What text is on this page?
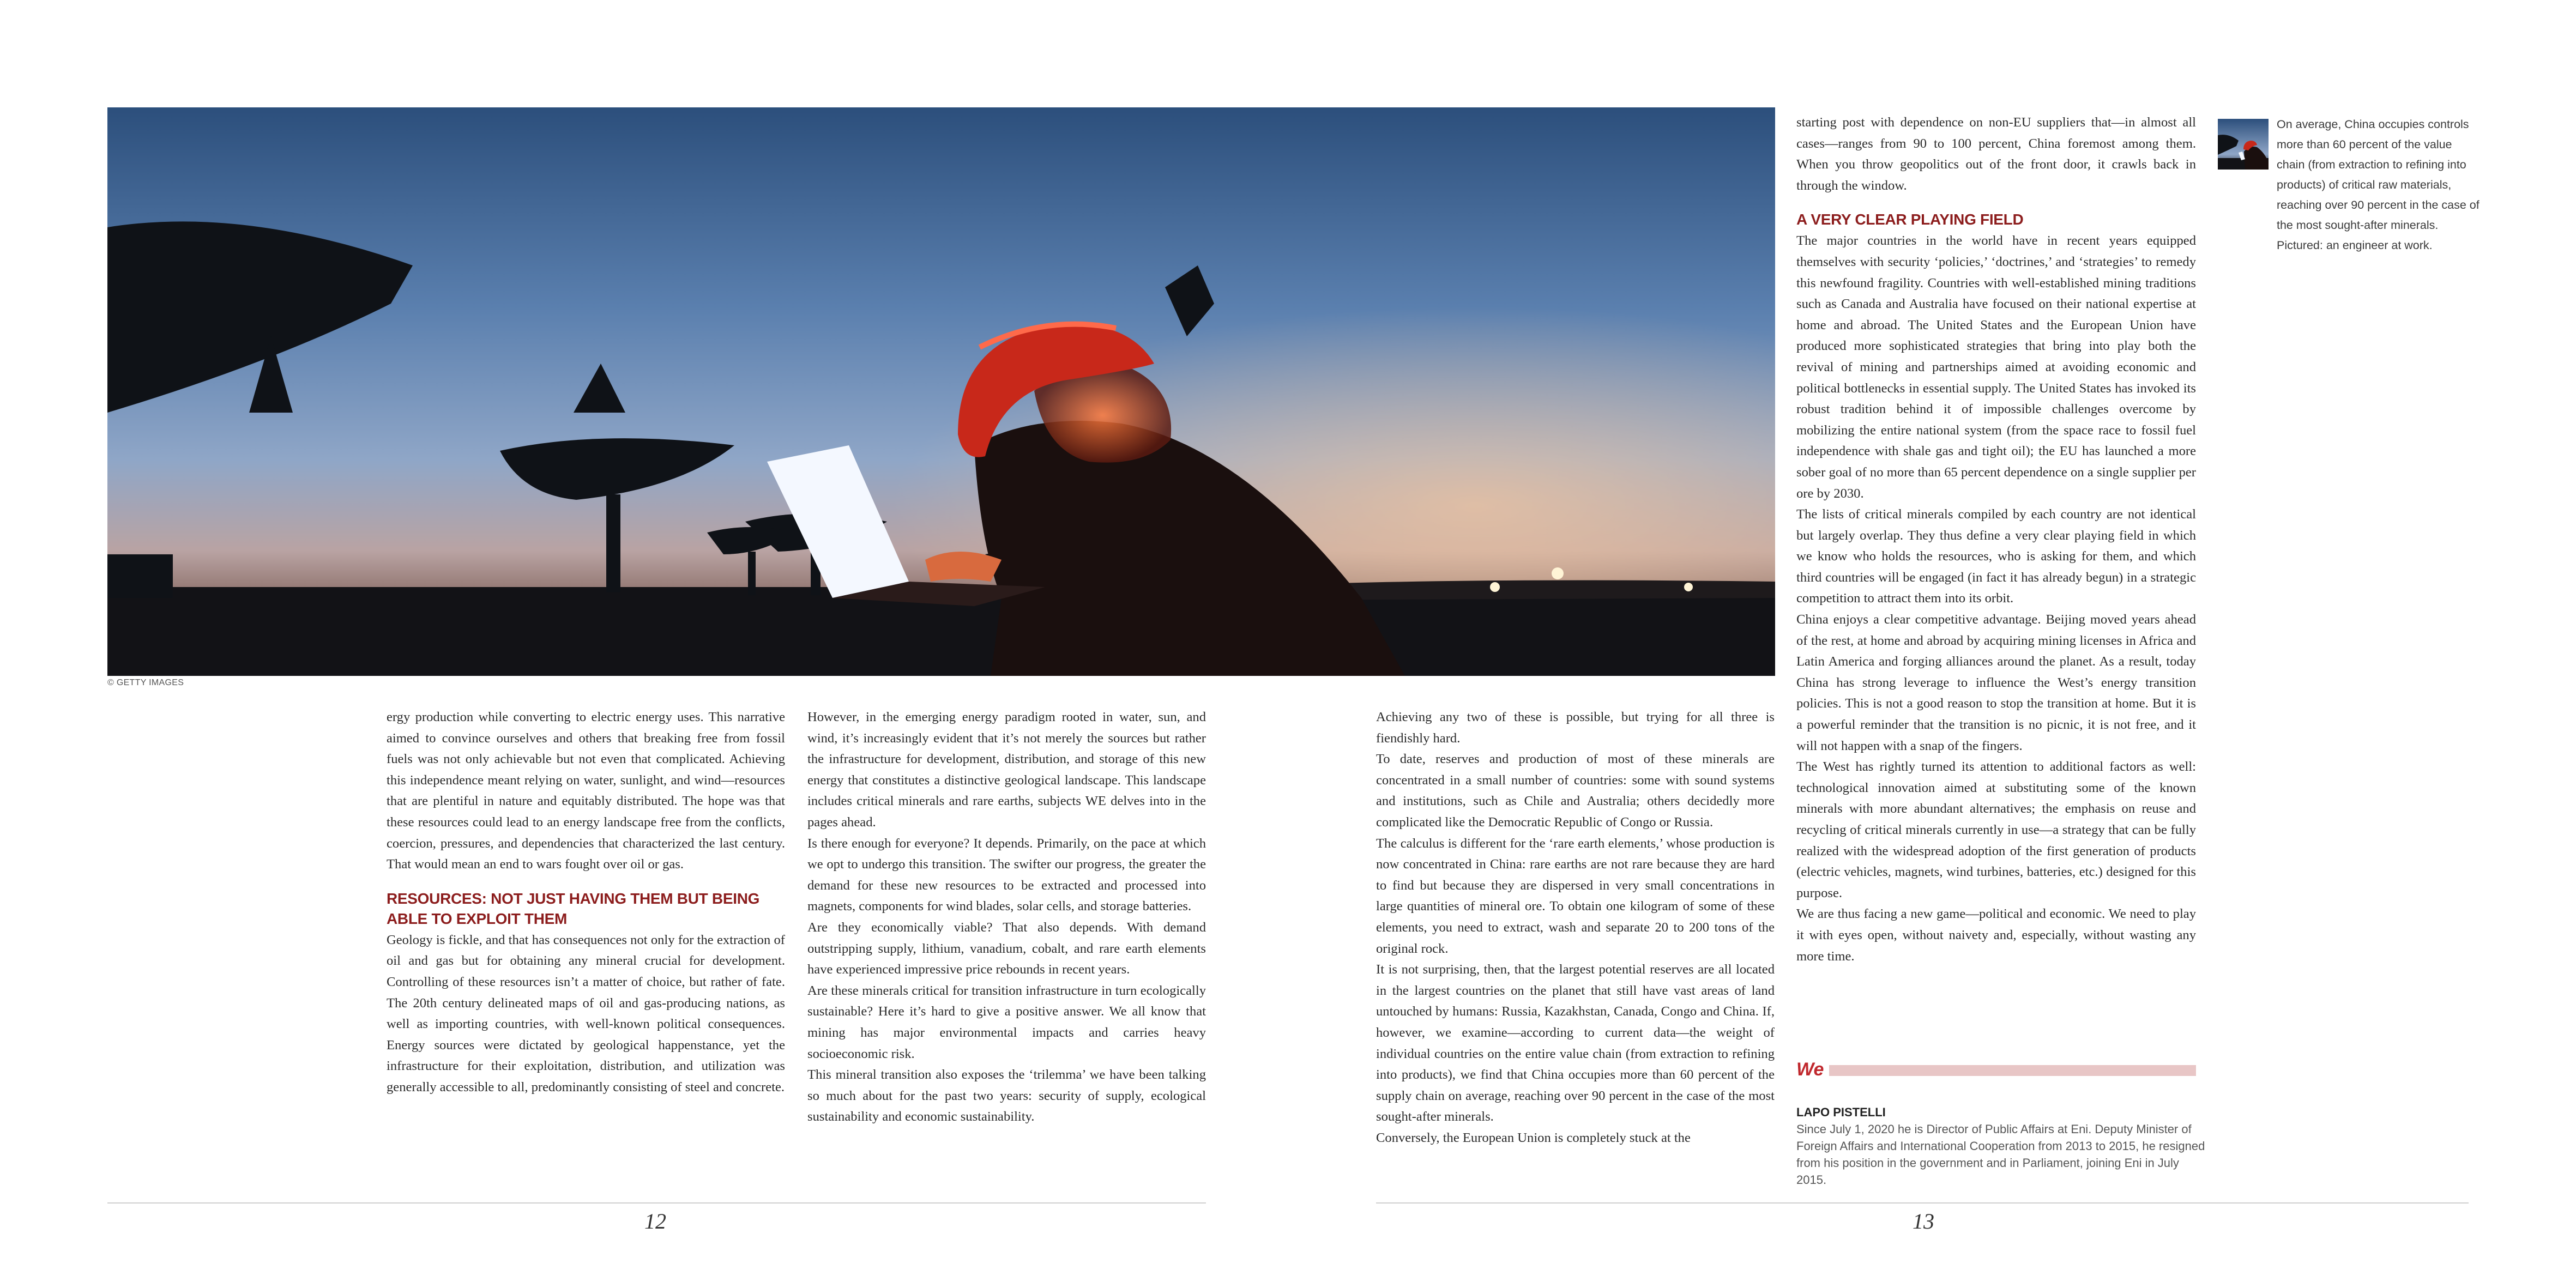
© GETTY IMAGES

ergy production while converting to electric energy uses. This narrative aimed to convince ourselves and others that breaking free from fossil fuels was not only achievable but not even that complicated. Achieving this independence meant relying on water, sunlight, and wind—resources that are plentiful in nature and equitably distributed. The hope was that these resources could lead to an energy landscape free from the conflicts, coercion, pressures, and dependencies that characterized the last century. That would mean an end to wars fought over oil or gas.

RESOURCES: NOT JUST HAVING THEM BUT BEING ABLE TO EXPLOIT THEM

Geology is fickle, and that has consequences not only for the extraction of oil and gas but for obtaining any mineral crucial for development. Controlling of these resources isn’t a matter of choice, but rather of fate. The 20th century delineated maps of oil and gas-producing nations, as well as importing countries, with well-known political consequences. Energy sources were dictated by geological happenstance, yet the infrastructure for their exploitation, distribution, and utilization was generally accessible to all, predominantly consisting of steel and concrete.

However, in the emerging energy paradigm rooted in water, sun, and wind, it’s increasingly evident that it’s not merely the sources but rather the infrastructure for development, distribution, and storage of this new energy that constitutes a distinctive geological landscape. This landscape includes critical minerals and rare earths, subjects WE delves into in the pages ahead.

Is there enough for everyone? It depends. Primarily, on the pace at which we opt to undergo this transition. The swifter our progress, the greater the demand for these new resources to be extracted and processed into magnets, components for wind blades, solar cells, and storage batteries.

Are they economically viable? That also depends. With demand outstripping supply, lithium, vanadium, cobalt, and rare earth elements have experienced impressive price rebounds in recent years.

Are these minerals critical for transition infrastructure in turn ecologically sustainable? Here it’s hard to give a positive answer. We all know that mining has major environmental impacts and carries heavy socioeconomic risk.

This mineral transition also exposes the ‘trilemma’ we have been talking so much about for the past two years: security of supply, ecological sustainability and economic sustainability.

Achieving any two of these is possible, but trying for all three is fiendishly hard.

To date, reserves and production of most of these minerals are concentrated in a small number of countries: some with sound systems and institutions, such as Chile and Australia; others decidedly more complicated like the Democratic Republic of Congo or Russia.

The calculus is different for the ‘rare earth elements,’ whose production is now concentrated in China: rare earths are not rare because they are hard to find but because they are dispersed in very small concentrations in large quantities of mineral ore. To obtain one kilogram of some of these elements, you need to extract, wash and separate 20 to 200 tons of the original rock.

It is not surprising, then, that the largest potential reserves are all located in the largest countries on the planet that still have vast areas of land untouched by humans: Russia, Kazakhstan, Canada, Congo and China. If, however, we examine—according to current data—the weight of individual countries on the entire value chain (from extraction to refining into products), we find that China occupies more than 60 percent of the supply chain on average, reaching over 90 percent in the case of the most sought-after minerals.

Conversely, the European Union is completely stuck at the

starting post with dependence on non-EU suppliers that—in almost all cases—ranges from 90 to 100 percent, China foremost among them. When you throw geopolitics out of the front door, it crawls back in through the window.

A VERY CLEAR PLAYING FIELD

The major countries in the world have in recent years equipped themselves with security ‘policies,’ ‘doctrines,’ and ‘strategies’ to remedy this newfound fragility. Countries with well-established mining traditions such as Canada and Australia have focused on their national expertise at home and abroad. The United States and the European Union have produced more sophisticated strategies that bring into play both the revival of mining and partnerships aimed at avoiding economic and political bottlenecks in essential supply. The United States has invoked its robust tradition behind it of impossible challenges overcome by mobilizing the entire national system (from the space race to fossil fuel independence with shale gas and tight oil); the EU has launched a more sober goal of no more than 65 percent dependence on a single supplier per ore by 2030.

The lists of critical minerals compiled by each country are not identical but largely overlap. They thus define a very clear playing field in which we know who holds the resources, who is asking for them, and which third countries will be engaged (in fact it has already begun) in a strategic competition to attract them into its orbit.

China enjoys a clear competitive advantage. Beijing moved years ahead of the rest, at home and abroad by acquiring mining licenses in Africa and Latin America and forging alliances around the planet. As a result, today China has strong leverage to influence the West’s energy transition policies. This is not a good reason to stop the transition at home. But it is a powerful reminder that the transition is no picnic, it is not free, and it will not happen with a snap of the fingers.

The West has rightly turned its attention to additional factors as well: technological innovation aimed at substituting some of the known minerals with more abundant alternatives; the emphasis on reuse and recycling of critical minerals currently in use—a strategy that can be fully realized with the widespread adoption of the first generation of products (electric vehicles, magnets, wind turbines, batteries, etc.) designed for this purpose.

We are thus facing a new game—political and economic. We need to play it with eyes open, without naivety and, especially, without wasting any more time.

On average, China occupies controls more than 60 percent of the value chain (from extraction to refining into products) of critical raw materials, reaching over 90 percent in the case of the most sought-after minerals. Pictured: an engineer at work.
We
LAPO PISTELLI
Since July 1, 2020 he is Director of Public Affairs at Eni. Deputy Minister of Foreign Affairs and International Cooperation from 2013 to 2015, he resigned from his position in the government and in Parliament, joining Eni in July 2015.
12	13
